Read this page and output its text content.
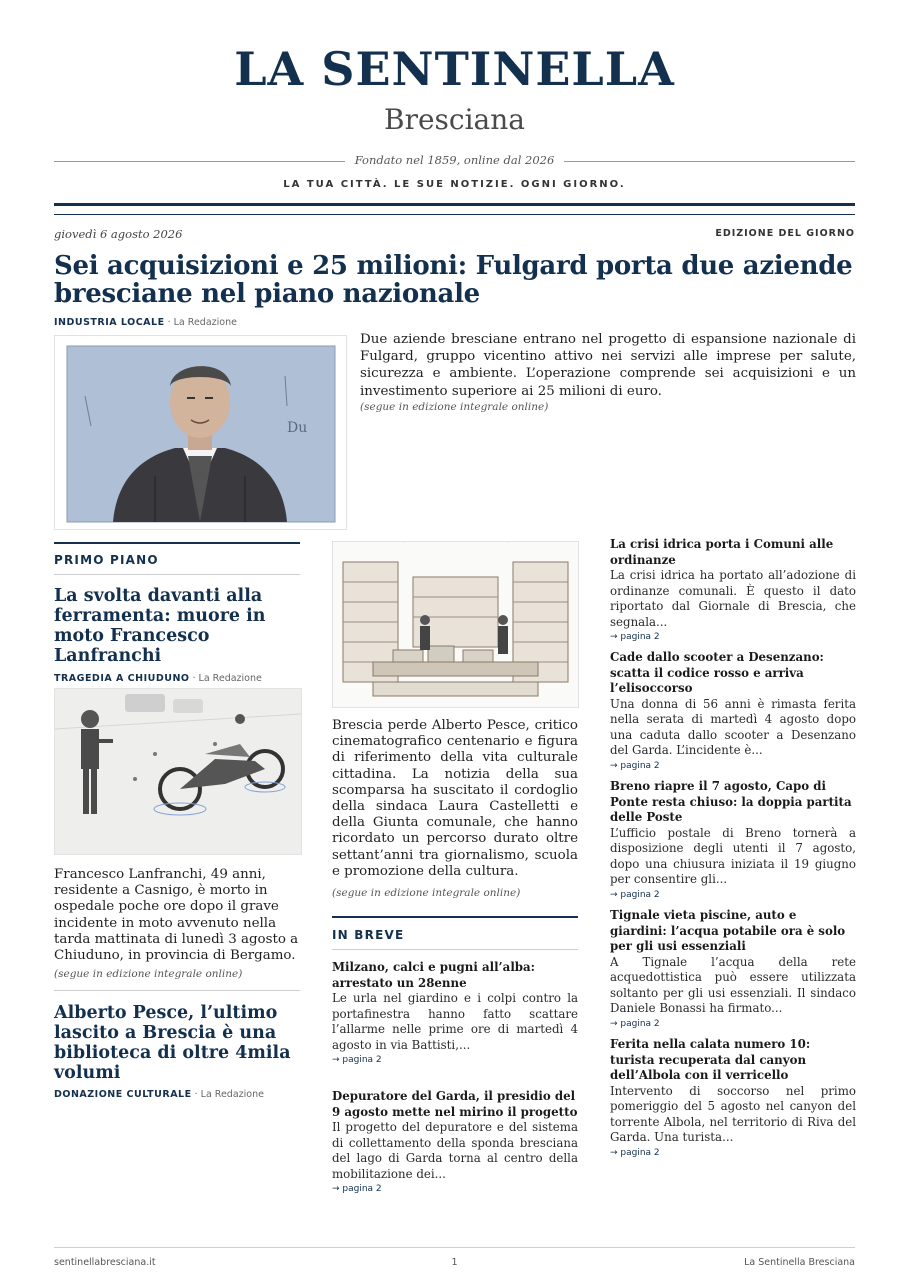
LA SENTINELLA
Bresciana
Fondato nel 1859, online dal 2026
LA TUA CITTÀ. LE SUE NOTIZIE. OGNI GIORNO.
giovedì 6 agosto 2026	EDIZIONE DEL GIORNO
Sei acquisizioni e 25 milioni: Fulgard porta due aziende bresciane nel piano nazionale
INDUSTRIA LOCALE · La Redazione
Du

Due aziende bresciane entrano nel progetto di espansione nazionale di Fulgard, gruppo vicentino attivo nei servizi alle imprese per salute, sicurezza e ambiente. L’operazione comprende sei acquisizioni e un investimento superiore ai 25 milioni di euro.

(segue in edizione integrale online)
PRIMO PIANO
La svolta davanti alla ferramenta: muore in moto Francesco Lanfranchi
TRAGEDIA A CHIUDUNO · La Redazione

Francesco Lanfranchi, 49 anni, residente a Casnigo, è morto in ospedale poche ore dopo il grave incidente in moto avvenuto nella tarda mattinata di lunedì 3 agosto a Chiuduno, in provincia di Bergamo.

(segue in edizione integrale online)
Alberto Pesce, l’ultimo lascito a Brescia è una biblioteca di oltre 4mila volumi
DONAZIONE CULTURALE · La Redazione

Brescia perde Alberto Pesce, critico cinematografico centenario e figura di riferimento della vita culturale cittadina. La notizia della sua scomparsa ha suscitato il cordoglio della sindaca Laura Castelletti e della Giunta comunale, che hanno ricordato un percorso durato oltre settant’anni tra giornalismo, scuola e promozione della cultura.

(segue in edizione integrale online)
IN BREVE
Milzano, calci e pugni all’alba: arrestato un 28enne

Le urla nel giardino e i colpi contro la portafinestra hanno fatto scattare l’allarme nelle prime ore di martedì 4 agosto in via Battisti,...

→ pagina 2
Depuratore del Garda, il presidio del 9 agosto mette nel mirino il progetto

Il progetto del depuratore e del sistema di collettamento della sponda bresciana del lago di Garda torna al centro della mobilitazione dei...

→ pagina 2
La crisi idrica porta i Comuni alle ordinanze

La crisi idrica ha portato all’adozione di ordinanze comunali. È questo il dato riportato dal Giornale di Brescia, che segnala...

→ pagina 2
Cade dallo scooter a Desenzano: scatta il codice rosso e arriva l’elisoccorso

Una donna di 56 anni è rimasta ferita nella serata di martedì 4 agosto dopo una caduta dallo scooter a Desenzano del Garda. L’incidente è...

→ pagina 2
Breno riapre il 7 agosto, Capo di Ponte resta chiuso: la doppia partita delle Poste

L’ufficio postale di Breno tornerà a disposizione degli utenti il 7 agosto, dopo una chiusura iniziata il 19 giugno per consentire gli...

→ pagina 2
Tignale vieta piscine, auto e giardini: l’acqua potabile ora è solo per gli usi essenziali

A Tignale l’acqua della rete acquedottistica può essere utilizzata soltanto per gli usi essenziali. Il sindaco Daniele Bonassi ha firmato...

→ pagina 2
Ferita nella calata numero 10: turista recuperata dal canyon dell’Albola con il verricello

Intervento di soccorso nel primo pomeriggio del 5 agosto nel canyon del torrente Albola, nel territorio di Riva del Garda. Una turista...

→ pagina 2
sentinellabresciana.it	1	La Sentinella Bresciana
